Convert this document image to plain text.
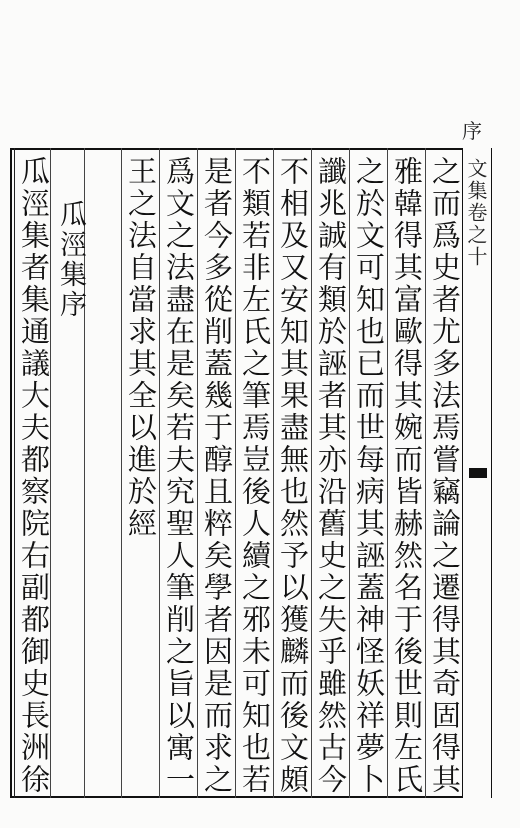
序
文集卷之十
之而爲史者尤多法焉嘗竊論之遷得其奇固得其
雅韓得其富歐得其婉而皆赫然名于後世則左氏
之於文可知也已而世每病其誣蓋神怪妖祥夢卜
讖兆誠有類於誣者其亦沿舊史之失乎雖然古今
不相及又安知其果盡無也然予以獲麟而後文頗
不類若非左氏之筆焉豈後人續之邪未可知也若
是者今多從削蓋幾于醇且粹矣學者因是而求之
爲文之法盡在是矣若夫究聖人筆削之旨以寓一
王之法自當求其全以進於經
瓜涇集序
瓜涇集者集通議大夫都察院右副都御史長洲徐
